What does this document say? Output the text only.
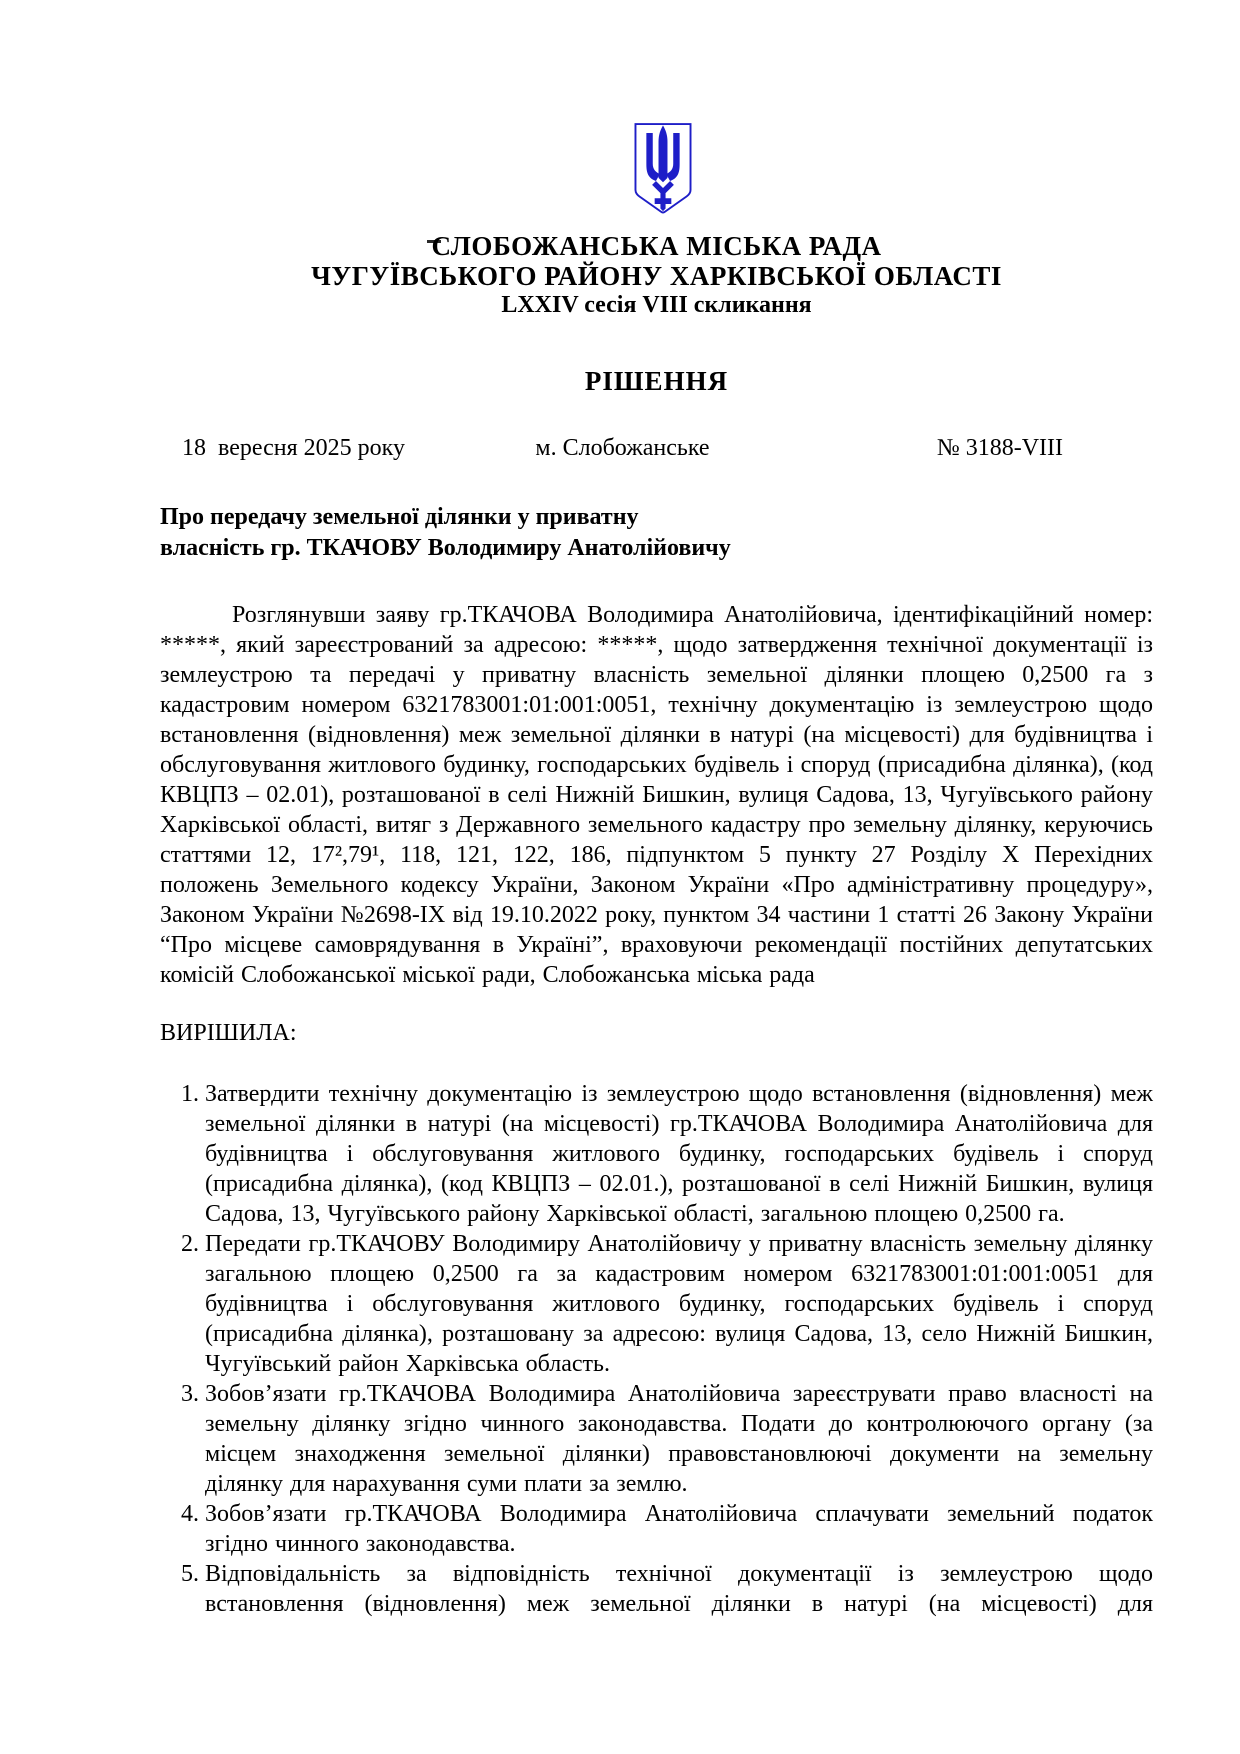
СЛОБОЖАНСЬКА МІСЬКА РАДА
ЧУГУЇВСЬКОГО РАЙОНУ ХАРКІВСЬКОЇ ОБЛАСТІ
LXXIV сесія VIII скликання
РІШЕННЯ
18  вересня 2025 року	м. Слобожанське	№ 3188-VIII
Про передачу земельної ділянки у приватну
власність гр. ТКАЧОВУ Володимиру Анатолійовичу
Розглянувши заяву гр.ТКАЧОВА Володимира Анатолійовича, ідентифікаційний номер: *****, який зареєстрований за адресою: *****, щодо затвердження технічної документації із землеустрою та передачі у приватну власність земельної ділянки площею 0,2500 га з кадастровим номером 6321783001:01:001:0051, технічну документацію із землеустрою щодо встановлення (відновлення) меж земельної ділянки в натурі (на місцевості) для будівництва і обслуговування житлового будинку, господарських будівель і споруд (присадибна ділянка), (код КВЦПЗ – 02.01), розташованої в селі Нижній Бишкин, вулиця Садова, 13, Чугуївського району Харківської області, витяг з Державного земельного кадастру про земельну ділянку, керуючись статтями 12, 17²,79¹, 118, 121, 122, 186, підпунктом 5 пункту 27 Розділу X Перехідних положень Земельного кодексу України, Законом України «Про адміністративну процедуру», Законом України №2698-IX від 19.10.2022 року, пунктом 34 частини 1 статті 26 Закону України “Про місцеве самоврядування в Україні”, враховуючи рекомендації постійних депутатських комісій Слобожанської міської ради, Слобожанська міська рада
ВИРІШИЛА:
1. Затвердити технічну документацію із землеустрою щодо встановлення (відновлення) меж земельної ділянки в натурі (на місцевості) гр.ТКАЧОВА Володимира Анатолійовича для будівництва і обслуговування житлового будинку, господарських будівель і споруд (присадибна ділянка), (код КВЦПЗ – 02.01.), розташованої в селі Нижній Бишкин, вулиця Садова, 13, Чугуївського району Харківської області, загальною площею 0,2500 га.
2. Передати гр.ТКАЧОВУ Володимиру Анатолійовичу у приватну власність земельну ділянку загальною площею 0,2500 га за кадастровим номером 6321783001:01:001:0051 для будівництва і обслуговування житлового будинку, господарських будівель і споруд (присадибна ділянка), розташовану за адресою: вулиця Садова, 13, село Нижній Бишкин, Чугуївський район Харківська область.
3. Зобов’язати гр.ТКАЧОВА Володимира Анатолійовича зареєструвати право власності на земельну ділянку згідно чинного законодавства. Подати до контролюючого органу (за місцем знаходження земельної ділянки) правовстановлюючі документи на земельну ділянку для нарахування суми плати за землю.
4. Зобов’язати гр.ТКАЧОВА Володимира Анатолійовича сплачувати земельний податок згідно чинного законодавства.
5. Відповідальність за відповідність технічної документації із землеустрою щодо встановлення (відновлення) меж земельної ділянки в натурі (на місцевості) для
